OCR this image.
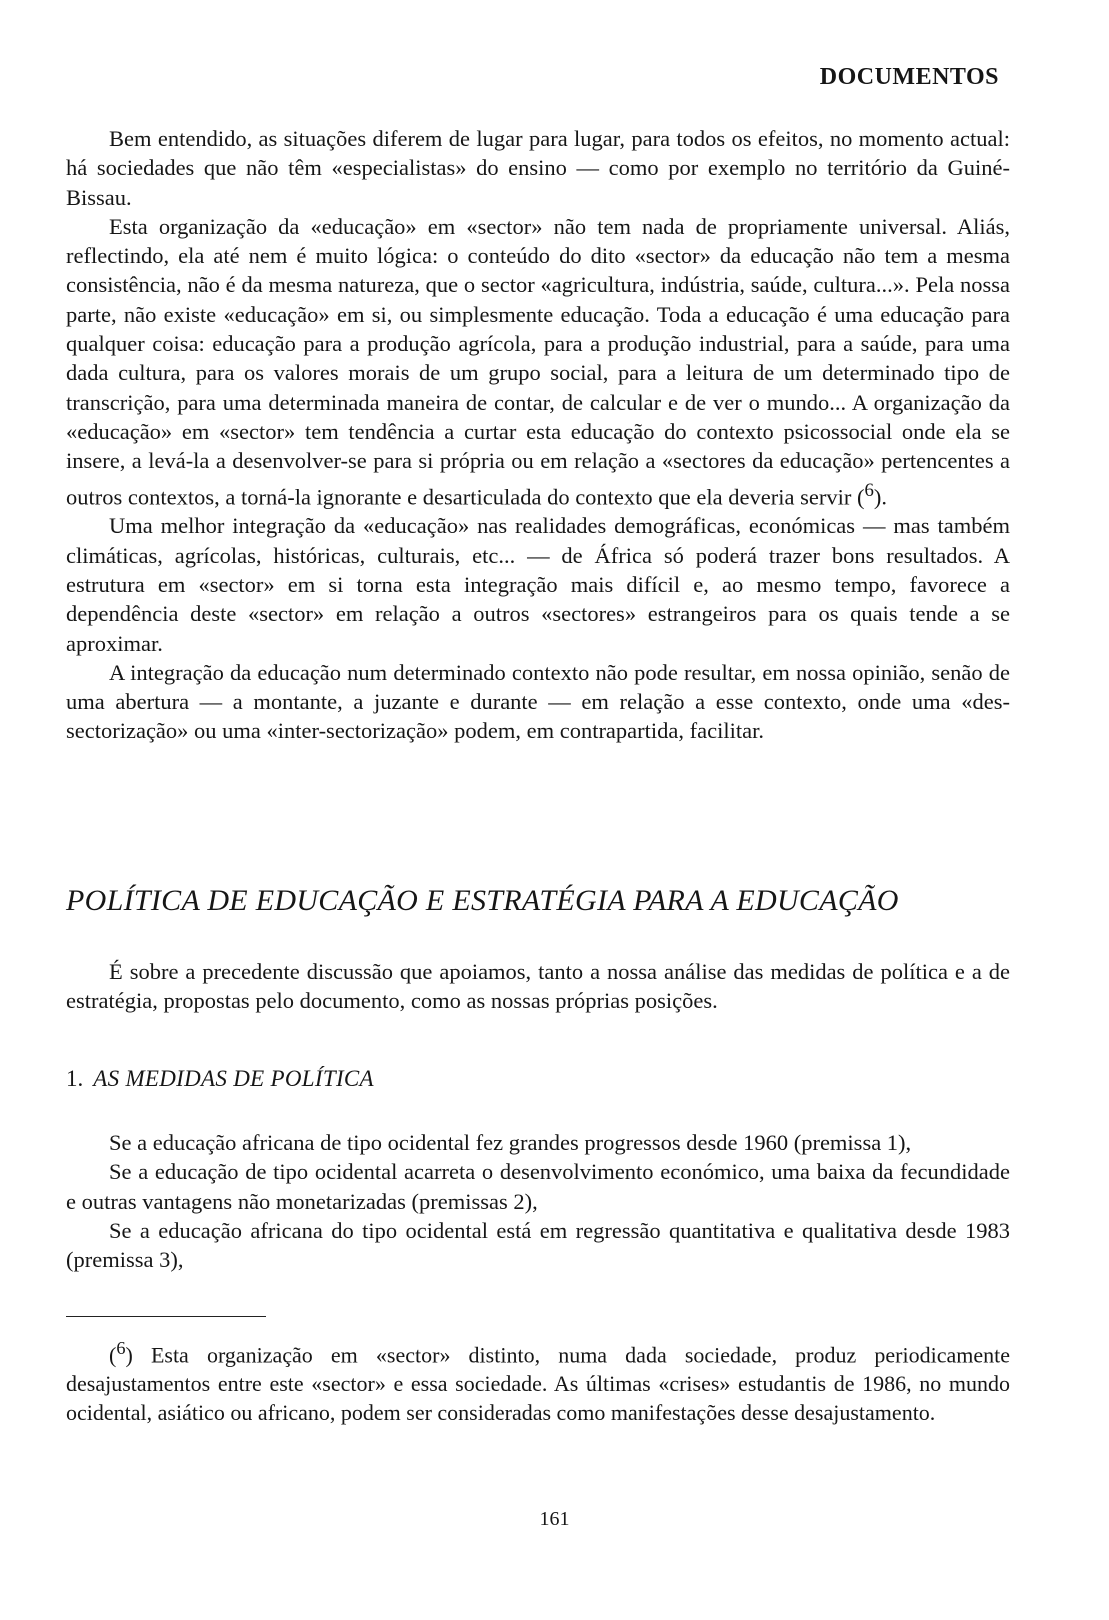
DOCUMENTOS

Bem entendido, as situações diferem de lugar para lugar, para todos os efeitos, no momento actual: há sociedades que não têm «especialistas» do ensino — como por exemplo no território da Guiné-Bissau.

Esta organização da «educação» em «sector» não tem nada de propriamente universal. Aliás, reflectindo, ela até nem é muito lógica: o conteúdo do dito «sector» da educação não tem a mesma consistência, não é da mesma natureza, que o sector «agricultura, indústria, saúde, cultura...». Pela nossa parte, não existe «educação» em si, ou simplesmente educação. Toda a educação é uma educação para qualquer coisa: educação para a produção agrícola, para a produção industrial, para a saúde, para uma dada cultura, para os valores morais de um grupo social, para a leitura de um determinado tipo de transcrição, para uma determinada maneira de contar, de calcular e de ver o mundo... A organização da «educação» em «sector» tem tendência a curtar esta educação do contexto psicossocial onde ela se insere, a levá-la a desenvolver-se para si própria ou em relação a «sectores da educação» pertencentes a outros contextos, a torná-la ignorante e desarticulada do contexto que ela deveria servir ($^6$).

Uma melhor integração da «educação» nas realidades demográficas, económicas — mas também climáticas, agrícolas, históricas, culturais, etc... — de África só poderá trazer bons resultados. A estrutura em «sector» em si torna esta integração mais difícil e, ao mesmo tempo, favorece a dependência deste «sector» em relação a outros «sectores» estrangeiros para os quais tende a se aproximar.

A integração da educação num determinado contexto não pode resultar, em nossa opinião, senão de uma abertura — a montante, a juzante e durante — em relação a esse contexto, onde uma «des-sectorização» ou uma «inter-sectorização» podem, em contrapartida, facilitar.

POLÍTICA DE EDUCAÇÃO E ESTRATÉGIA PARA A EDUCAÇÃO

É sobre a precedente discussão que apoiamos, tanto a nossa análise das medidas de política e a de estratégia, propostas pelo documento, como as nossas próprias posições.

1. AS MEDIDAS DE POLÍTICA

Se a educação africana de tipo ocidental fez grandes progressos desde 1960 (premissa 1),

Se a educação de tipo ocidental acarreta o desenvolvimento económico, uma baixa da fecundidade e outras vantagens não monetarizadas (premissas 2),

Se a educação africana do tipo ocidental está em regressão quantitativa e qualitativa desde 1983 (premissa 3),

($^6$) Esta organização em «sector» distinto, numa dada sociedade, produz periodicamente desajustamentos entre este «sector» e essa sociedade. As últimas «crises» estudantis de 1986, no mundo ocidental, asiático ou africano, podem ser consideradas como manifestações desse desajustamento.

161
